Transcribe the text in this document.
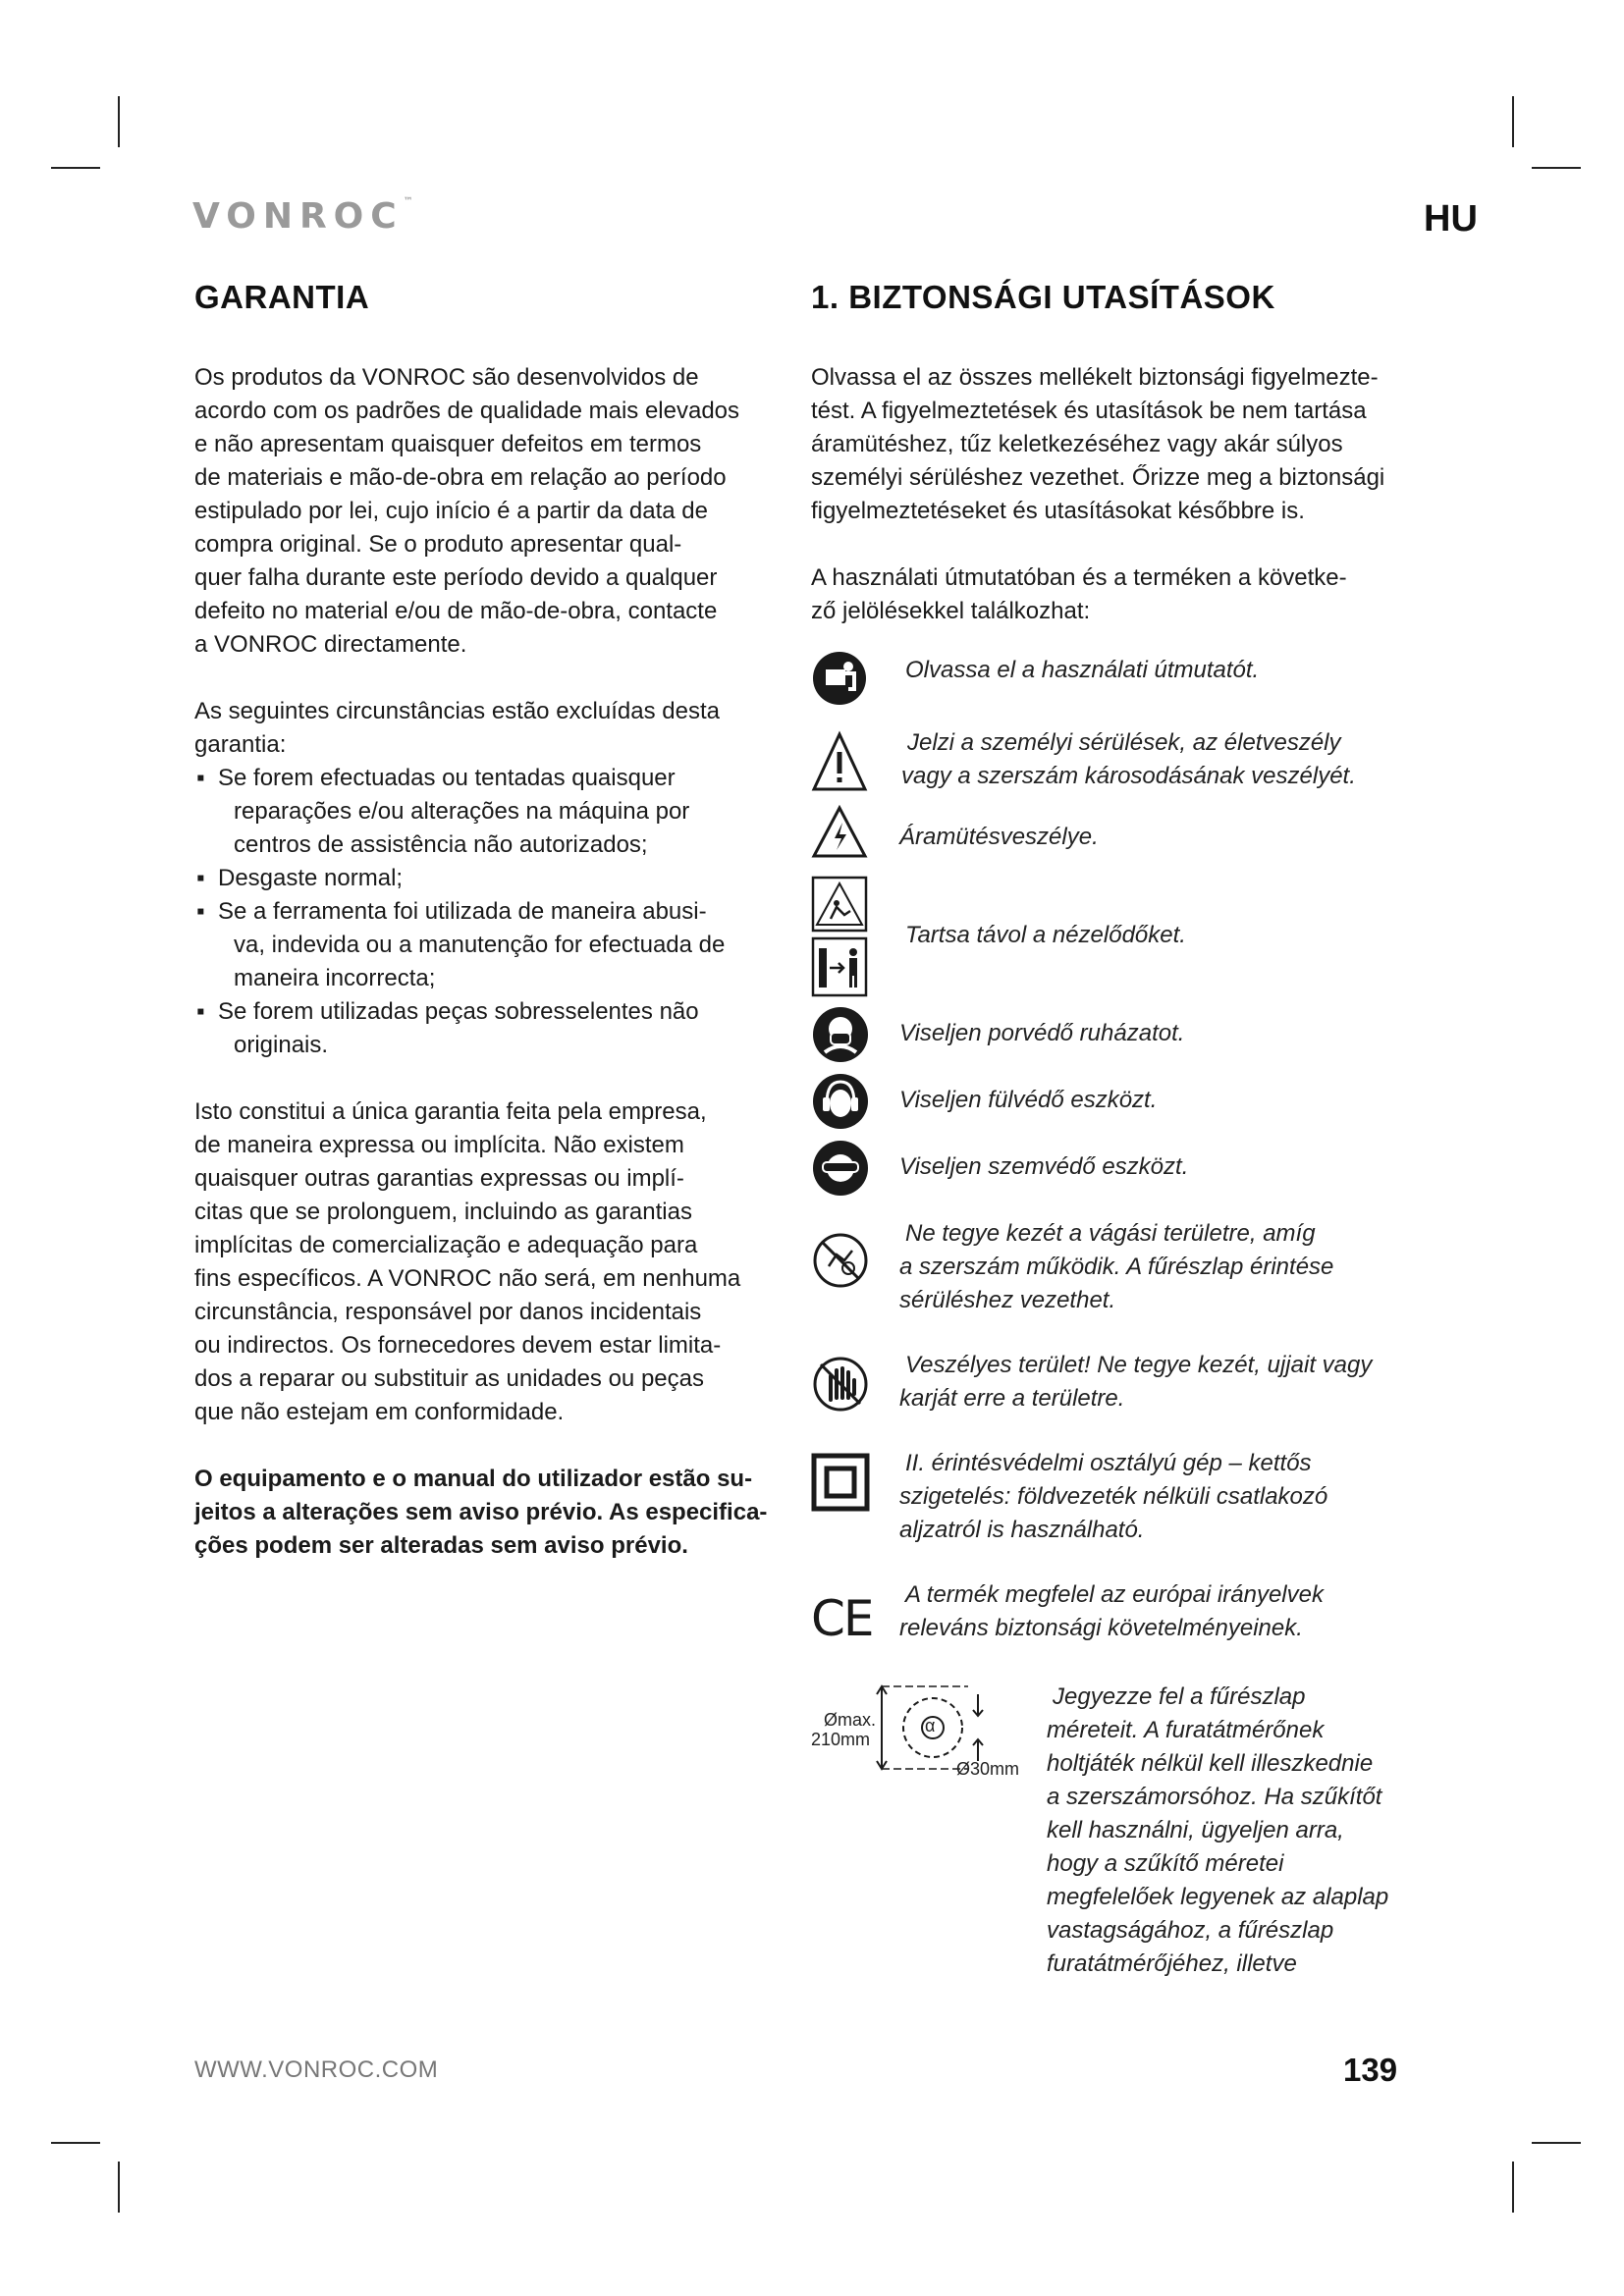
VONROC™	HU
GARANTIA

Os produtos da VONROC são desenvolvidos de
acordo com os padrões de qualidade mais elevados
e não apresentam quaisquer defeitos em termos
de materiais e mão-de-obra em relação ao período
estipulado por lei, cujo início é a partir da data de
compra original. Se o produto apresentar qual-
quer falha durante este período devido a qualquer
defeito no material e/ou de mão-de-obra, contacte
a VONROC directamente.

As seguintes circunstâncias estão excluídas desta
garantia:

▪ Se forem efectuadas ou tentadas quaisquer
reparações e/ou alterações na máquina por
centros de assistência não autorizados;
▪ Desgaste normal;
▪ Se a ferramenta foi utilizada de maneira abusi-
va, indevida ou a manutenção for efectuada de
maneira incorrecta;
▪ Se forem utilizadas peças sobresselentes não
originais.

Isto constitui a única garantia feita pela empresa,
de maneira expressa ou implícita. Não existem
quaisquer outras garantias expressas ou implí-
citas que se prolonguem, incluindo as garantias
implícitas de comercialização e adequação para
fins específicos. A VONROC não será, em nenhuma
circunstância, responsável por danos incidentais
ou indirectos. Os fornecedores devem estar limita-
dos a reparar ou substituir as unidades ou peças
que não estejam em conformidade.

O equipamento e o manual do utilizador estão su-
jeitos a alterações sem aviso prévio. As especifica-
ções podem ser alteradas sem aviso prévio.

1. BIZTONSÁGI UTASÍTÁSOK

Olvassa el az összes mellékelt biztonsági figyelmezte-
tést. A figyelmeztetések és utasítások be nem tartása
áramütéshez, tűz keletkezéséhez vagy akár súlyos
személyi sérüléshez vezethet. Őrizze meg a biztonsági
figyelmeztetéseket és utasításokat későbbre is.

A használati útmutatóban és a terméken a követke-
ző jelölésekkel találkozhat:

Olvassa el a használati útmutatót.
Jelzi a személyi sérülések, az életveszély
vagy a szerszám károsodásának veszélyét.
Áramütésveszélye.
Tartsa távol a nézelődőket.
Viseljen porvédő ruházatot.
Viseljen fülvédő eszközt.
Viseljen szemvédő eszközt.
Ne tegye kezét a vágási területre, amíg
a szerszám működik. A fűrészlap érintése
sérüléshez vezethet.
Veszélyes terület! Ne tegye kezét, ujjait vagy
karját erre a területre.
II. érintésvédelmi osztályú gép – kettős
szigetelés: földvezeték nélküli csatlakozó
aljzatról is használható.
CE A termék megfelel az európai irányelvek
releváns biztonsági követelményeinek.
Ømax.
210mm
α
Ø30mm
Jegyezze fel a fűrészlap
méreteit. A furatátmérőnek
holtjáték nélkül kell illeszkednie
a szerszámorsóhoz. Ha szűkítőt
kell használni, ügyeljen arra,
hogy a szűkítő méretei
megfelelőek legyenek az alaplap
vastagságához, a fűrészlap
furatátmérőjéhez, illetve
WWW.VONROC.COM	139
